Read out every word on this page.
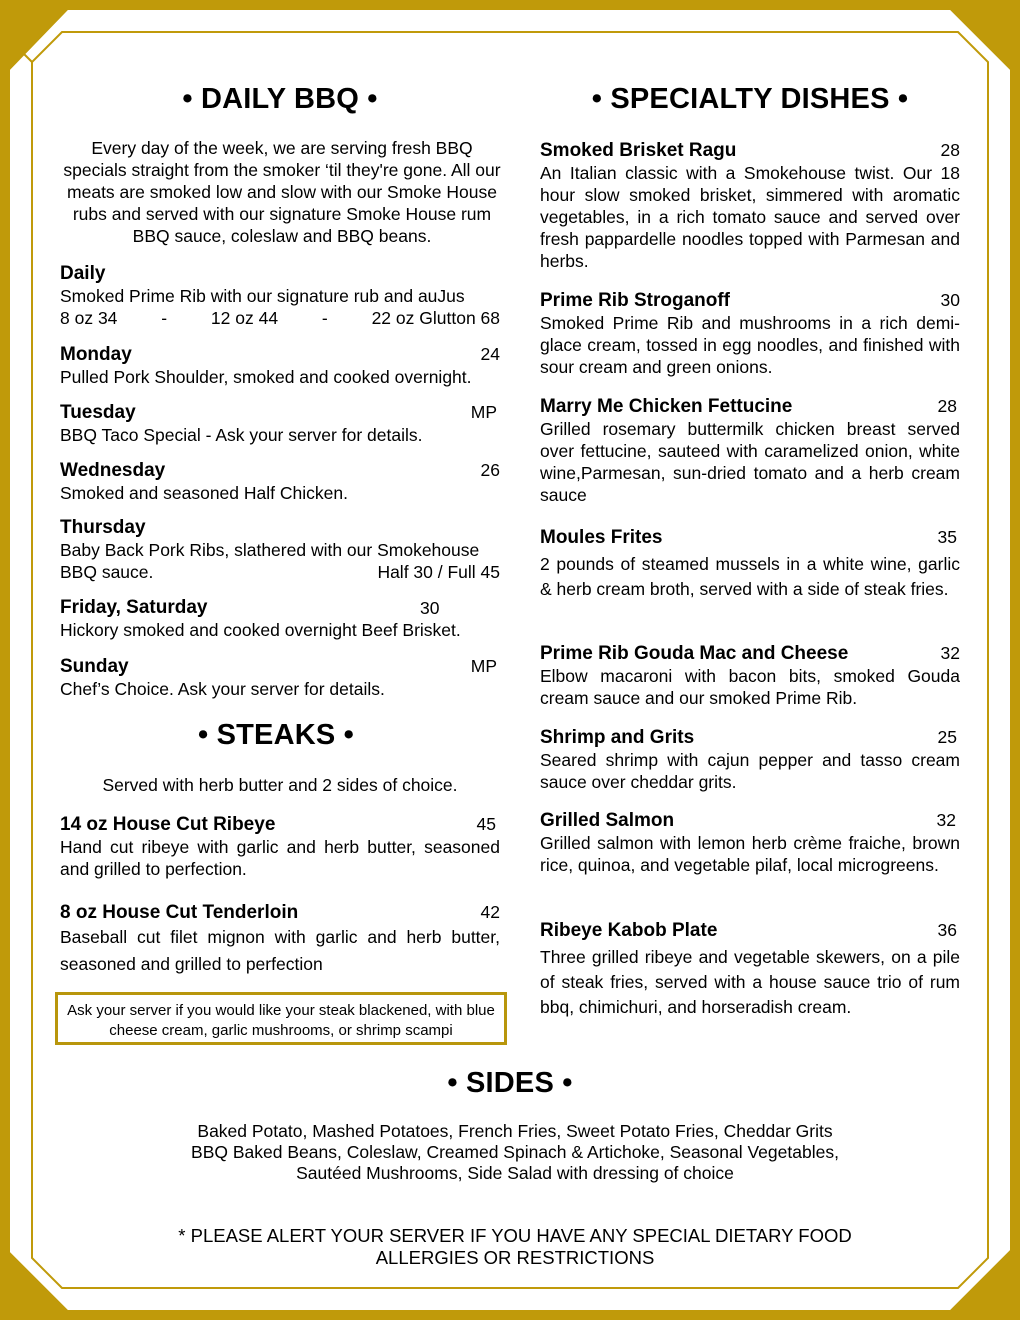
• DAILY BBQ •
Every day of the week, we are serving fresh BBQ specials straight from the smoker ‘til they're gone. All our meats are smoked low and slow with our Smoke House rubs and served with our signature Smoke House rum BBQ sauce, coleslaw and BBQ beans.
Daily
Smoked Prime Rib with our signature rub and auJus
8 oz 34	-	12 oz 44	-	22 oz Glutton 68
Monday	24
Pulled Pork Shoulder, smoked and cooked overnight.
Tuesday	MP
BBQ Taco Special - Ask your server for details.
Wednesday	26
Smoked and seasoned Half Chicken.
Thursday
Baby Back Pork Ribs, slathered with our Smokehouse
BBQ sauce.	Half 30 / Full 45
Friday, Saturday	30
Hickory smoked and cooked overnight Beef Brisket.
Sunday	MP
Chef’s Choice. Ask your server for details.
• STEAKS •
Served with herb butter and 2 sides of choice.
14 oz House Cut Ribeye	45
Hand cut ribeye with garlic and herb butter, seasoned and grilled to perfection.
8 oz House Cut Tenderloin	42
Baseball cut filet mignon with garlic and herb butter, seasoned and grilled to perfection
Ask your server if you would like your steak blackened, with blue cheese cream, garlic mushrooms, or shrimp scampi
• SPECIALTY DISHES •
Smoked Brisket Ragu	28
An Italian classic with a Smokehouse twist. Our 18 hour slow smoked brisket, simmered with aromatic vegetables, in a rich tomato sauce and served over fresh pappardelle noodles topped with Parmesan and herbs.
Prime Rib Stroganoff	30
Smoked Prime Rib and mushrooms in a rich demi-glace cream, tossed in egg noodles, and finished with sour cream and green onions.
Marry Me Chicken Fettucine	28
Grilled rosemary buttermilk chicken breast served over fettucine, sauteed with caramelized onion, white wine,Parmesan, sun-dried tomato and a herb cream sauce
Moules Frites	35
2 pounds of steamed mussels in a white wine, garlic & herb cream broth, served with a side of steak fries.
Prime Rib Gouda Mac and Cheese	32
Elbow macaroni with bacon bits, smoked Gouda cream sauce and our smoked Prime Rib.
Shrimp and Grits	25
Seared shrimp with cajun pepper and tasso cream sauce over cheddar grits.
Grilled Salmon	32
Grilled salmon with lemon herb crème fraiche, brown rice, quinoa, and vegetable pilaf, local microgreens.
Ribeye Kabob Plate	36
Three grilled ribeye and vegetable skewers, on a pile of steak fries, served with a house sauce trio of rum bbq, chimichuri, and horseradish cream.
• SIDES •
Baked Potato, Mashed Potatoes, French Fries, Sweet Potato Fries, Cheddar Grits
BBQ Baked Beans, Coleslaw, Creamed Spinach & Artichoke, Seasonal Vegetables,
Sautéed Mushrooms, Side Salad with dressing of choice
* PLEASE ALERT YOUR SERVER IF YOU HAVE ANY SPECIAL DIETARY FOOD
ALLERGIES OR RESTRICTIONS
